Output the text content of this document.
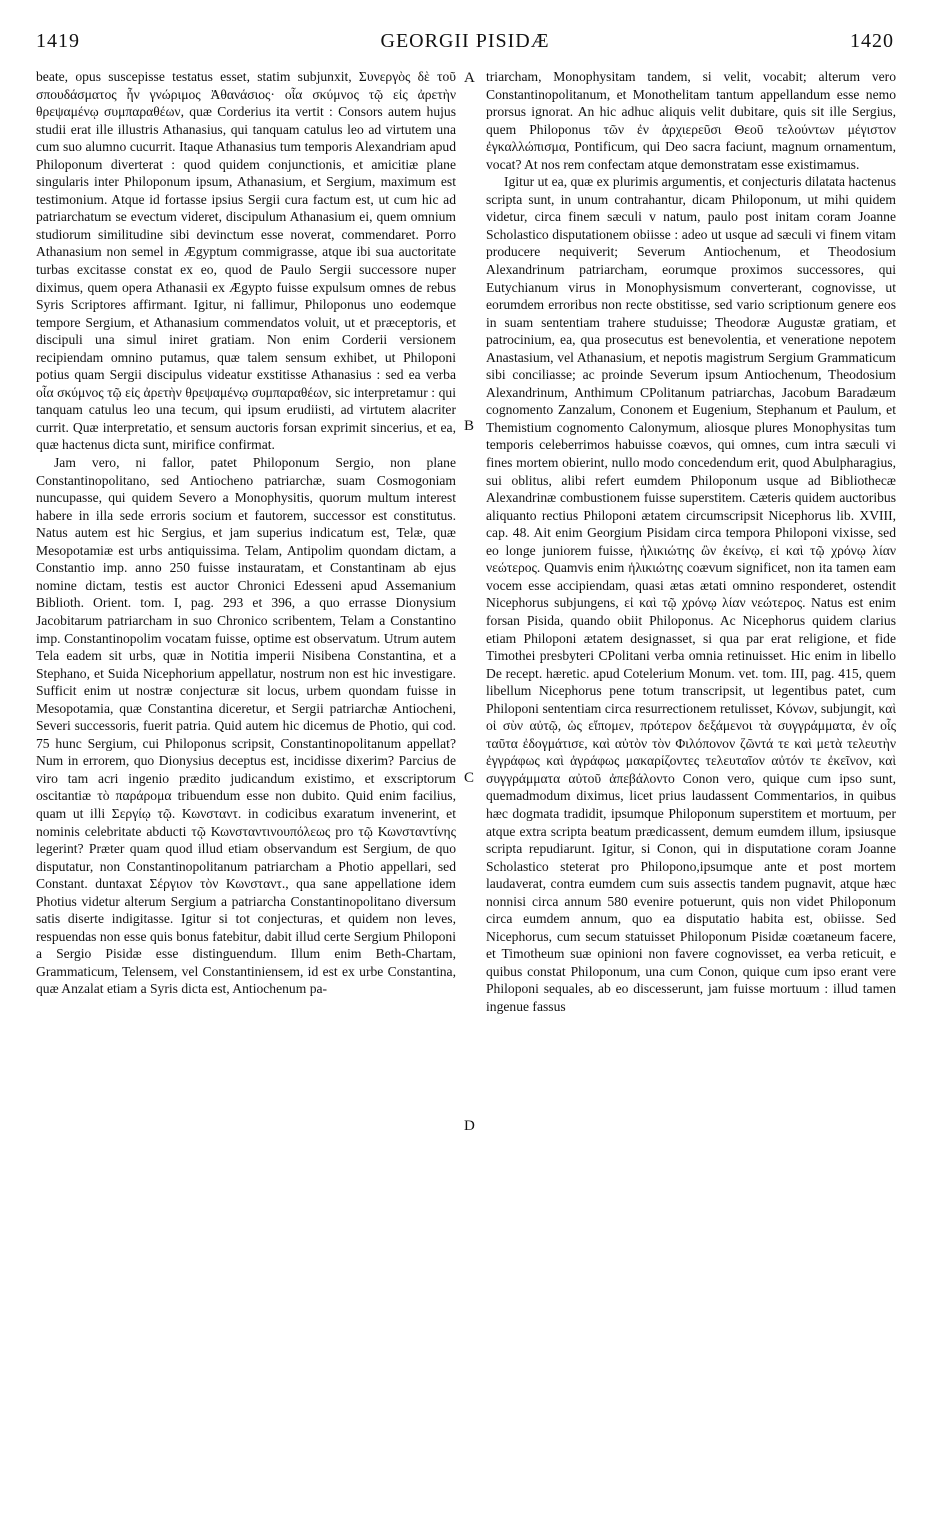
1419	GEORGII PISIDÆ	1420

beate, opus suscepisse testatus esset, statim subjunxit, Συνεργὸς δὲ τοῦ σπουδάσματος ἦν γνώριμος Ἀθανάσιος· οἷα σκύμνος τῷ εἰς ἀρετὴν θρεψαμένῳ συμπαραθέων, quæ Corderius ita vertit : Consors autem hujus studii erat ille illustris Athanasius, qui tanquam catulus leo ad virtutem una cum suo alumno cucurrit. Itaque Athanasius tum temporis Alexandriam apud Philoponum diverterat : quod quidem conjunctionis, et amicitiæ plane singularis inter Philoponum ipsum, Athanasium, et Sergium, maximum est testimonium. Atque id fortasse ipsius Sergii cura factum est, ut cum hic ad patriarchatum se evectum videret, discipulum Athanasium ei, quem omnium studiorum similitudine sibi devinctum esse noverat, commendaret. Porro Athanasium non semel in Ægyptum commigrasse, atque ibi sua auctoritate turbas excitasse constat ex eo, quod de Paulo Sergii successore nuper diximus, quem opera Athanasii ex Ægypto fuisse expulsum omnes de rebus Syris Scriptores affirmant. Igitur, ni fallimur, Philoponus uno eodemque tempore Sergium, et Athanasium commendatos voluit, ut et præceptoris, et discipuli una simul iniret gratiam. Non enim Corderii versionem recipiendam omnino putamus, quæ talem sensum exhibet, ut Philoponi potius quam Sergii discipulus videatur exstitisse Athanasius : sed ea verba οἷα σκύμνος τῷ εἰς ἀρετὴν θρεψαμένῳ συμπαραθέων, sic interpretamur : qui tanquam catulus leo una tecum, qui ipsum erudiisti, ad virtutem alacriter currit. Quæ interpretatio, et sensum auctoris forsan exprimit sincerius, et ea, quæ hactenus dicta sunt, mirifice confirmat.

Jam vero, ni fallor, patet Philoponum Sergio, non plane Constantinopolitano, sed Antiocheno patriarchæ, suam Cosmogoniam nuncupasse, qui quidem Severo a Monophysitis, quorum multum interest habere in illa sede erroris socium et fautorem, successor est constitutus. Natus autem est hic Sergius, et jam superius indicatum est, Telæ, quæ Mesopotamiæ est urbs antiquissima. Telam, Antipolim quondam dictam, a Constantio imp. anno 250 fuisse instauratam, et Constantinam ab ejus nomine dictam, testis est auctor Chronici Edesseni apud Assemanium Biblioth. Orient. tom. I, pag. 293 et 396, a quo errasse Dionysium Jacobitarum patriarcham in suo Chronico scribentem, Telam a Constantino imp. Constantinopolim vocatam fuisse, optime est observatum. Utrum autem Tela eadem sit urbs, quæ in Notitia imperii Nisibena Constantina, et a Stephano, et Suida Nicephorium appellatur, nostrum non est hic investigare. Sufficit enim ut nostræ conjecturæ sit locus, urbem quondam fuisse in Mesopotamia, quæ Constantina diceretur, et Sergii patriarchæ Antiocheni, Severi successoris, fuerit patria. Quid autem hic dicemus de Photio, qui cod. 75 hunc Sergium, cui Philoponus scripsit, Constantinopolitanum appellat? Num in errorem, quo Dionysius deceptus est, incidisse dixerim? Parcius de viro tam acri ingenio prædito judicandum existimo, et exscriptorum oscitantiæ τὸ παράρομα tribuendum esse non dubito. Quid enim facilius, quam ut illi Σεργίῳ τῷ. Κωνσταντ. in codicibus exaratum invenerint, et nominis celebritate abducti τῷ Κωνσταντινουπόλεως pro τῷ Κωνσταντίνης legerint? Præter quam quod illud etiam observandum est Sergium, de quo disputatur, non Constantinopolitanum patriarcham a Photio appellari, sed Constant. duntaxat Σέργιον τὸν Κωνσταντ., qua sane appellatione idem Photius videtur alterum Sergium a patriarcha Constantinopolitano diversum satis diserte indigitasse. Igitur si tot conjecturas, et quidem non leves, respuendas non esse quis bonus fatebitur, dabit illud certe Sergium Philoponi a Sergio Pisidæ esse distinguendum. Illum enim Beth-Chartam, Grammaticum, Telensem, vel Constantiniensem, id est ex urbe Constantina, quæ Anzalat etiam a Syris dicta est, Antiochenum pa-

A
B
C
D

triarcham, Monophysitam tandem, si velit, vocabit; alterum vero Constantinopolitanum, et Monothelitam tantum appellandum esse nemo prorsus ignorat. An hic adhuc aliquis velit dubitare, quis sit ille Sergius, quem Philoponus τῶν ἐν ἀρχιερεῦσι Θεοῦ τελούντων μέγιστον ἐγκαλλώπισμα, Pontificum, qui Deo sacra faciunt, magnum ornamentum, vocat? At nos rem confectam atque demonstratam esse existimamus.

Igitur ut ea, quæ ex plurimis argumentis, et conjecturis dilatata hactenus scripta sunt, in unum contrahantur, dicam Philoponum, ut mihi quidem videtur, circa finem sæculi v natum, paulo post initam coram Joanne Scholastico disputationem obiisse : adeo ut usque ad sæculi vi finem vitam producere nequiverit; Severum Antiochenum, et Theodosium Alexandrinum patriarcham, eorumque proximos successores, qui Eutychianum virus in Monophysismum converterant, cognovisse, ut eorumdem erroribus non recte obstitisse, sed vario scriptionum genere eos in suam sententiam trahere studuisse; Theodoræ Augustæ gratiam, et patrocinium, ea, qua prosecutus est benevolentia, et veneratione nepotem Anastasium, vel Athanasium, et nepotis magistrum Sergium Grammaticum sibi conciliasse; ac proinde Severum ipsum Antiochenum, Theodosium Alexandrinum, Anthimum CPolitanum patriarchas, Jacobum Baradæum cognomento Zanzalum, Cononem et Eugenium, Stephanum et Paulum, et Themistium cognomento Calonymum, aliosque plures Monophysitas tum temporis celeberrimos habuisse coævos, qui omnes, cum intra sæculi vi fines mortem obierint, nullo modo concedendum erit, quod Abulpharagius, sui oblitus, alibi refert eumdem Philoponum usque ad Bibliothecæ Alexandrinæ combustionem fuisse superstitem. Cæteris quidem auctoribus aliquanto rectius Philoponi ætatem circumscripsit Nicephorus lib. XVIII, cap. 48. Ait enim Georgium Pisidam circa tempora Philoponi vixisse, sed eo longe juniorem fuisse, ἡλικιώτης ὢν ἐκείνῳ, εἰ καὶ τῷ χρόνῳ λίαν νεώτερος. Quamvis enim ἡλικιώτης coævum significet, non ita tamen eam vocem esse accipiendam, quasi ætas ætati omnino responderet, ostendit Nicephorus subjungens, εἰ καὶ τῷ χρόνῳ λίαν νεώτερος. Natus est enim forsan Pisida, quando obiit Philoponus. Ac Nicephorus quidem clarius etiam Philoponi ætatem designasset, si qua par erat religione, et fide Timothei presbyteri CPolitani verba omnia retinuisset. Hic enim in libello De recept. hæretic. apud Cotelerium Monum. vet. tom. III, pag. 415, quem libellum Nicephorus pene totum transcripsit, ut legentibus patet, cum Philoponi sententiam circa resurrectionem retulisset, Κόνων, subjungit, καὶ οἱ σὺν αὐτῷ, ὡς εἴπομεν, πρότερον δεξάμενοι τὰ συγγράμματα, ἐν οἷς ταῦτα ἐδογμάτισε, καὶ αὐτὸν τὸν Φιλόπονον ζῶντά τε καὶ μετὰ τελευτὴν ἐγγράφως καὶ ἀγράφως μακαρίζοντες τελευταῖον αὐτόν τε ἐκεῖνον, καὶ συγγράμματα αὐτοῦ ἀπεβάλοντο Conon vero, quique cum ipso sunt, quemadmodum diximus, licet prius laudassent Commentarios, in quibus hæc dogmata tradidit, ipsumque Philoponum superstitem et mortuum, per atque extra scripta beatum prædicassent, demum eumdem illum, ipsiusque scripta repudiarunt. Igitur, si Conon, qui in disputatione coram Joanne Scholastico steterat pro Philopono,ipsumque ante et post mortem laudaverat, contra eumdem cum suis assectis tandem pugnavit, atque hæc nonnisi circa annum 580 evenire potuerunt, quis non videt Philoponum circa eumdem annum, quo ea disputatio habita est, obiisse. Sed Nicephorus, cum secum statuisset Philoponum Pisidæ coætaneum facere, et Timotheum suæ opinioni non favere cognovisset, ea verba reticuit, e quibus constat Philoponum, una cum Conon, quique cum ipso erant vere Philoponi sequales, ab eo discesserunt, jam fuisse mortuum : illud tamen ingenue fassus
